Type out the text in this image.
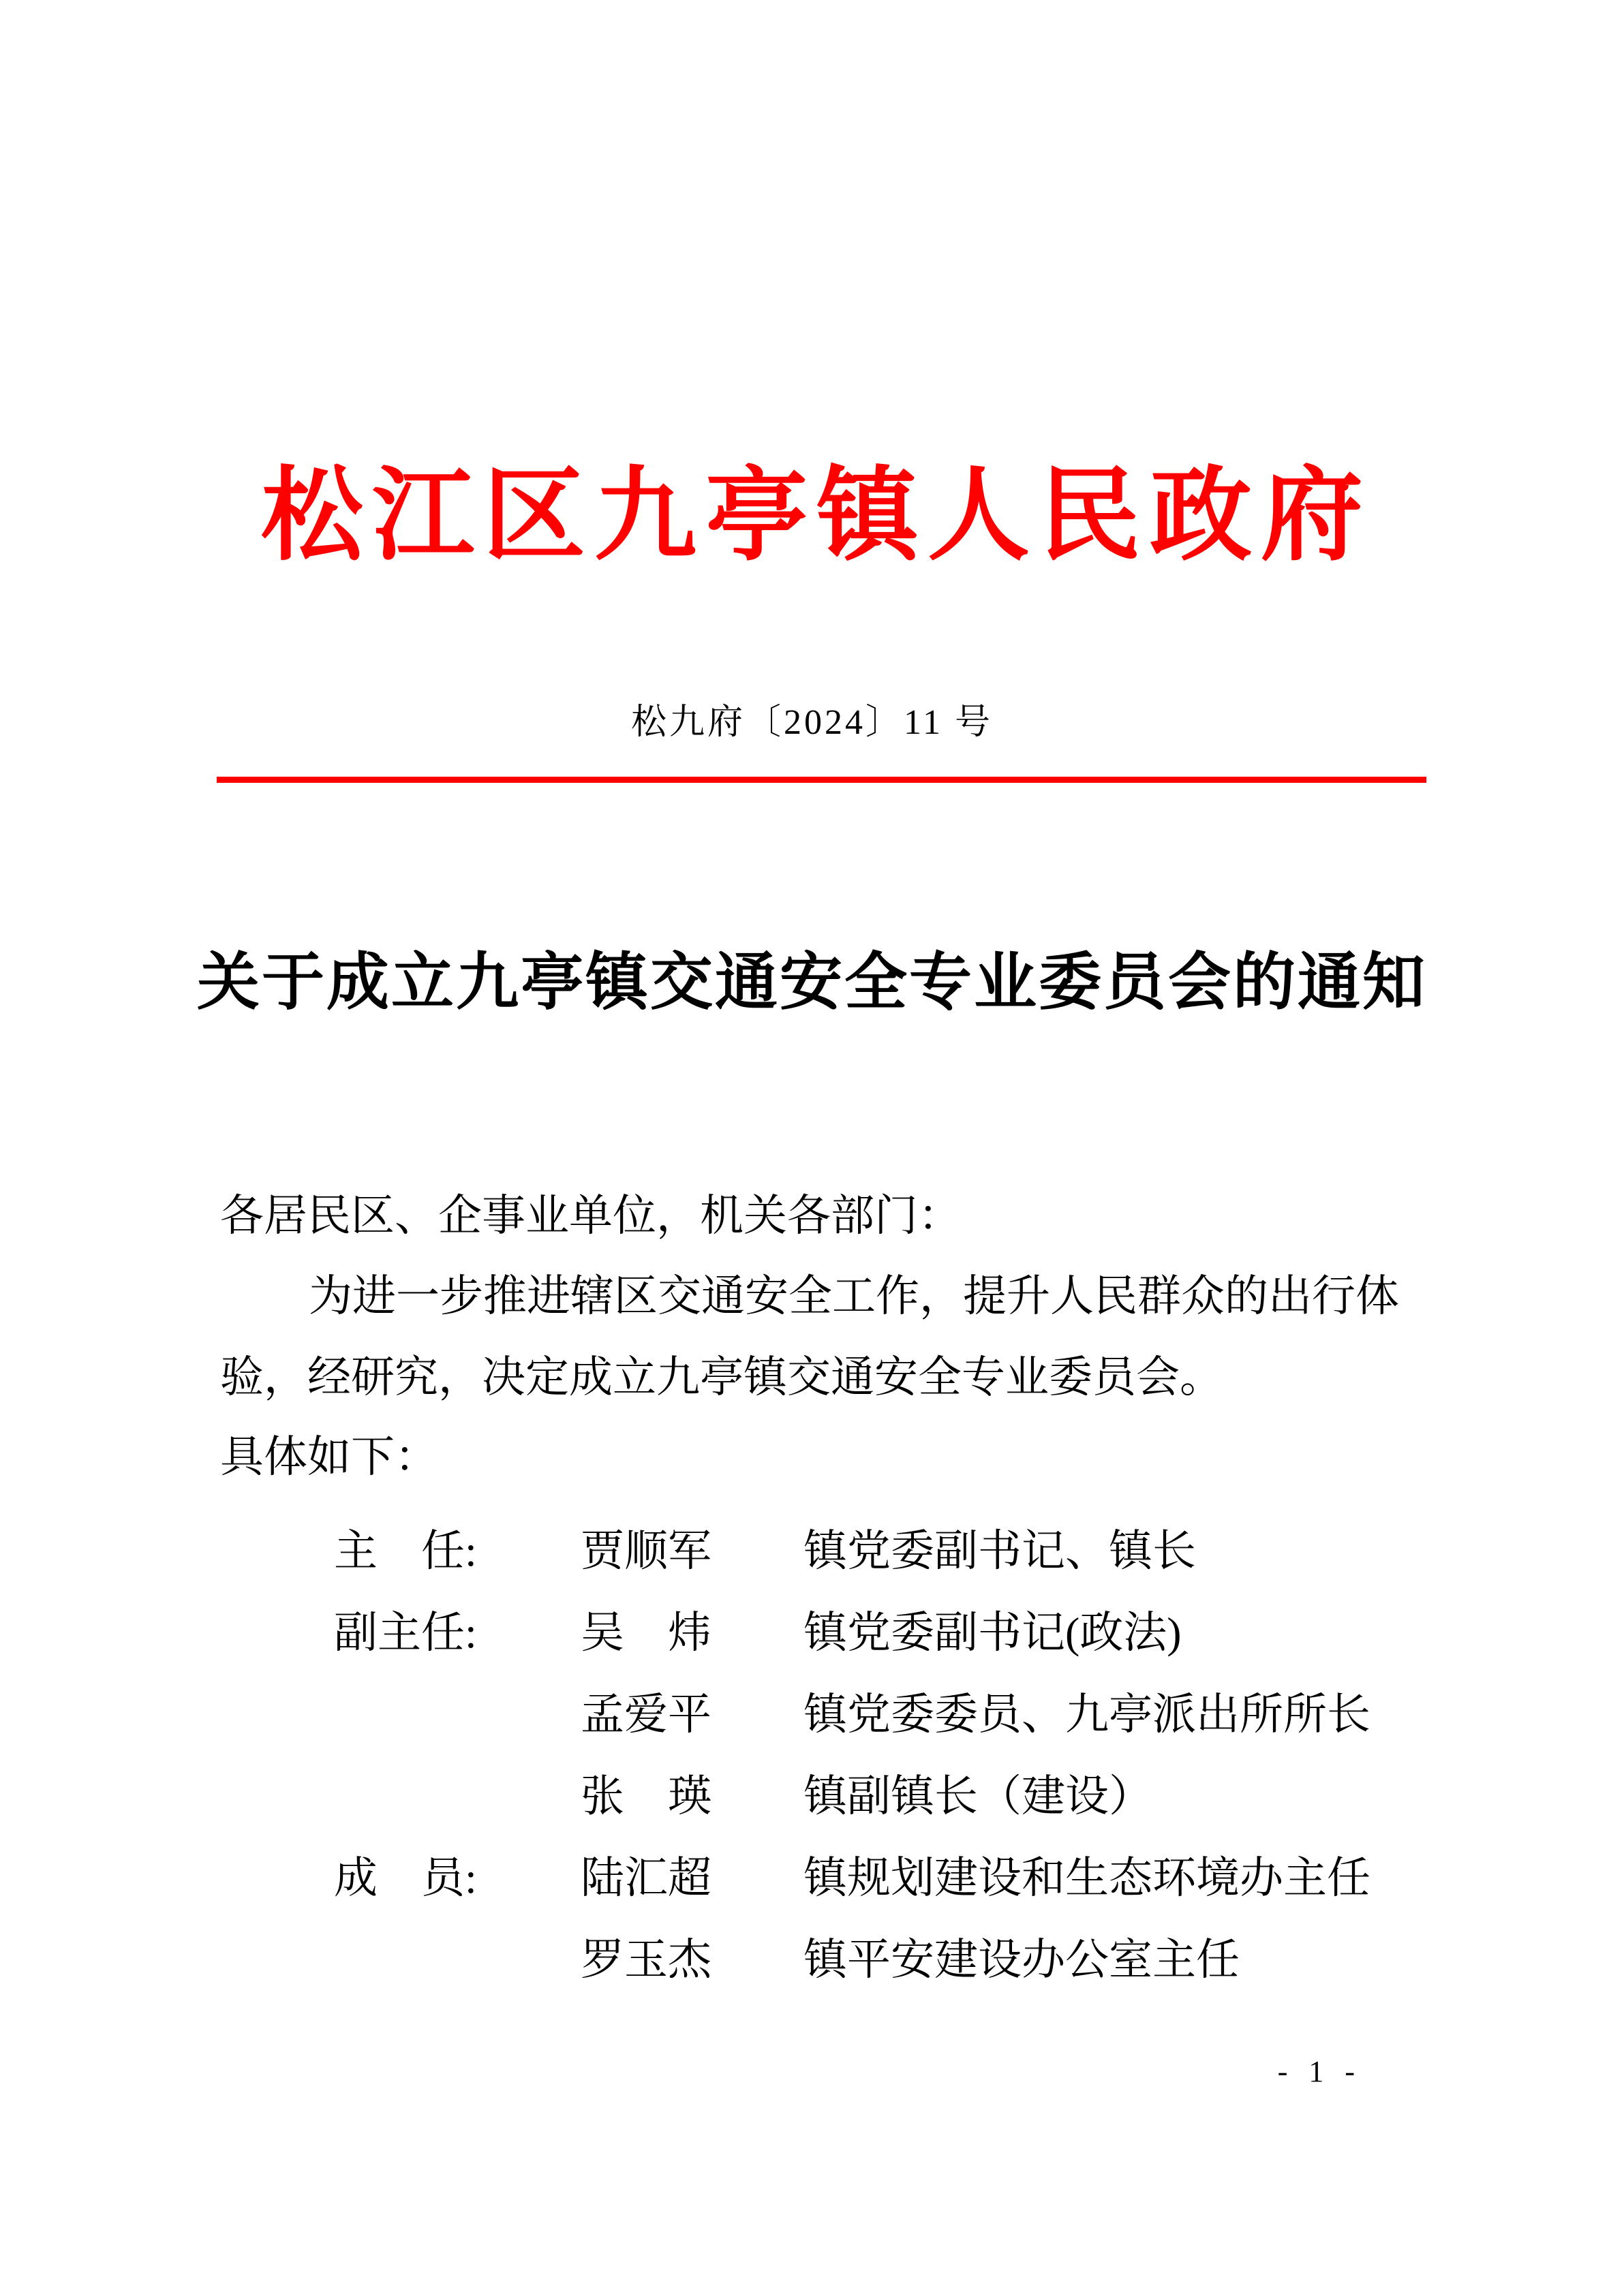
松江区九亭镇人民政府
松九府〔2024〕11 号
关于成立九亭镇交通安全专业委员会的通知
各居民区、企事业单位，机关各部门：
为进一步推进辖区交通安全工作，提升人民群众的出行体
验，经研究，决定成立九亭镇交通安全专业委员会。
具体如下：
主　任: 贾顺军 镇党委副书记、镇长
副主任: 吴　炜 镇党委副书记(政法)
孟爱平 镇党委委员、九亭派出所所长
张　瑛 镇副镇长（建设）
成　员: 陆汇超 镇规划建设和生态环境办主任
罗玉杰 镇平安建设办公室主任
- 1 -
